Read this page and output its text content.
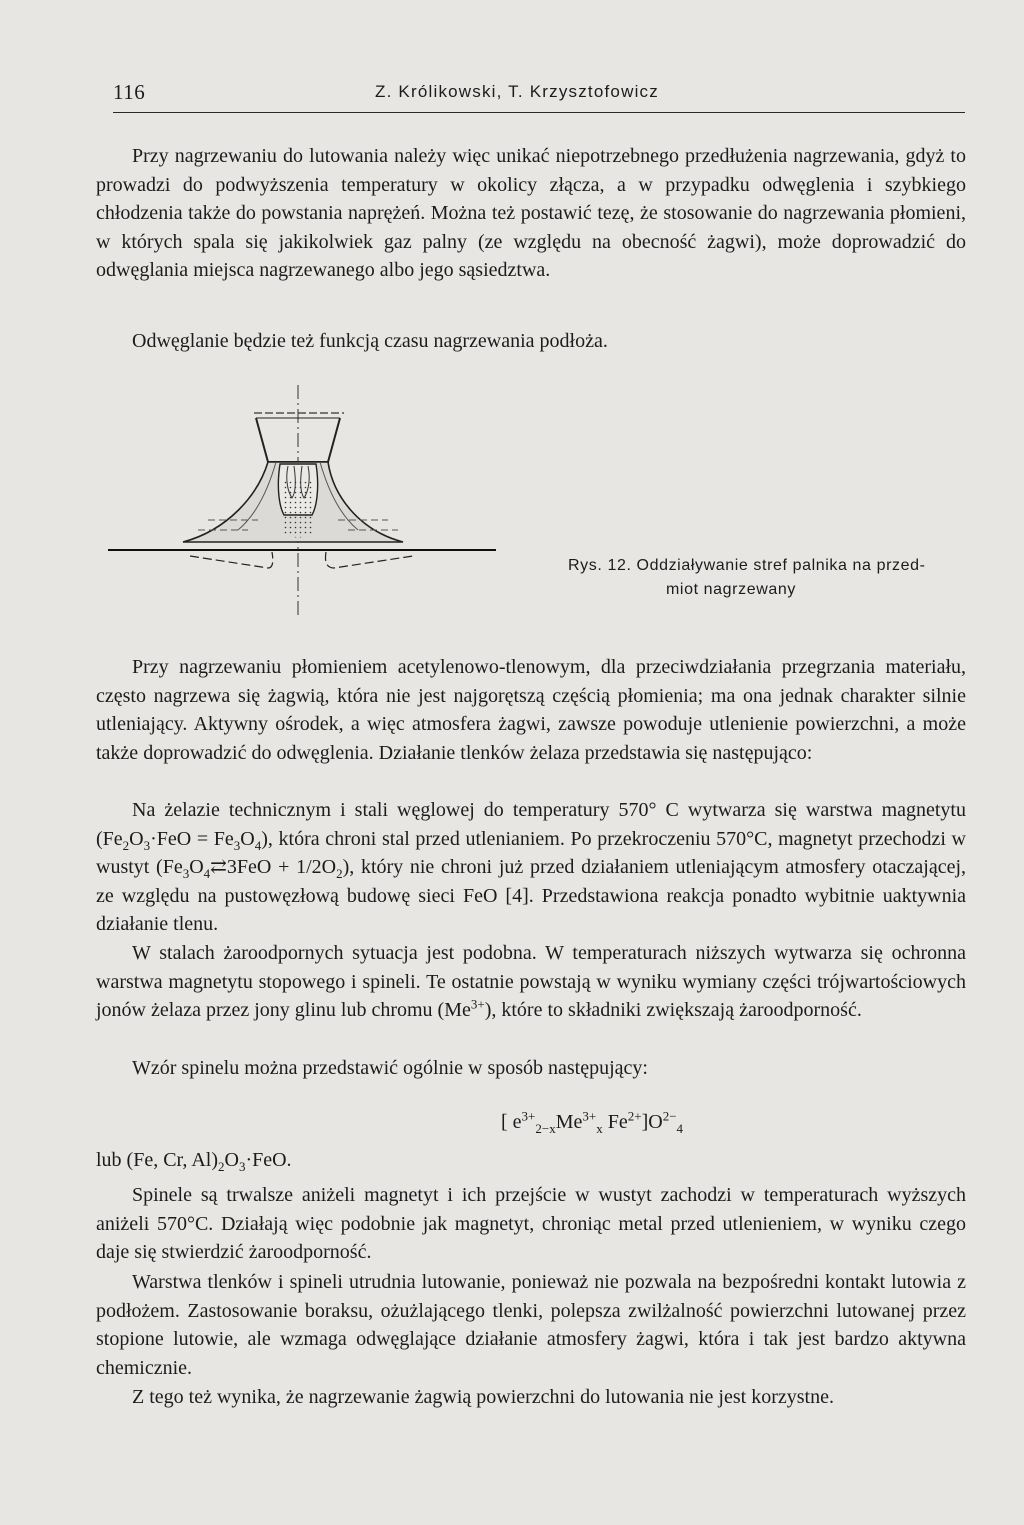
116	Z. Królikowski, T. Krzysztofowicz

Przy nagrzewaniu do lutowania należy więc unikać niepotrzebnego przedłużenia nagrzewania, gdyż to prowadzi do podwyższenia temperatury w okolicy złącza, a w przypadku odwęglenia i szybkiego chłodzenia także do powstania naprężeń. Można też postawić tezę, że stosowanie do nagrzewania płomieni, w których spala się jakikolwiek gaz palny (ze względu na obecność żagwi), może doprowadzić do odwęglania miejsca nagrzewanego albo jego sąsiedztwa.

Odwęglanie będzie też funkcją czasu nagrzewania podłoża.

Rys. 12. Oddziaływanie stref palnika na przed-
miot nagrzewany

Przy nagrzewaniu płomieniem acetylenowo-tlenowym, dla przeciwdziałania przegrzania materiału, często nagrzewa się żagwią, która nie jest najgorętszą częścią płomienia; ma ona jednak charakter silnie utleniający. Aktywny ośrodek, a więc atmosfera żagwi, zawsze powoduje utlenienie powierzchni, a może także doprowadzić do odwęglenia. Działanie tlenków żelaza przedstawia się następująco:

Na żelazie technicznym i stali węglowej do temperatury 570° C wytwarza się warstwa magnetytu $(Fe_2O_3\cdot FeO = Fe_3O_4)$, która chroni stal przed utlenianiem. Po przekroczeniu 570°C, magnetyt przechodzi w wustyt $(Fe_3O_4⇄3FeO + 1/2O_2)$, który nie chroni już przed działaniem utleniającym atmosfery otaczającej, ze względu na pustowęzłową budowę sieci FeO [4]. Przedstawiona reakcja ponadto wybitnie uaktywnia działanie tlenu.

W stalach żaroodpornych sytuacja jest podobna. W temperaturach niższych wytwarza się ochronna warstwa magnetytu stopowego i spineli. Te ostatnie powstają w wyniku wymiany części trójwartościowych jonów żelaza przez jony glinu lub chromu $(Me^{3+})$, które to składniki zwiększają żaroodporność.

Wzór spinelu można przedstawić ogólnie w sposób następujący:

[ $e^{3+}_{2-x}Me^{3+}_x$ $Fe^{2+}]O^{2-}_4$
lub (Fe, Cr, $Al)_2O_3\cdot FeO$.

Spinele są trwalsze aniżeli magnetyt i ich przejście w wustyt zachodzi w temperaturach wyższych aniżeli 570°C. Działają więc podobnie jak magnetyt, chroniąc metal przed utlenieniem, w wyniku czego daje się stwierdzić żaroodporność.

Warstwa tlenków i spineli utrudnia lutowanie, ponieważ nie pozwala na bezpośredni kontakt lutowia z podłożem. Zastosowanie boraksu, ożużlającego tlenki, polepsza zwilżalność powierzchni lutowanej przez stopione lutowie, ale wzmaga odwęglające działanie atmosfery żagwi, która i tak jest bardzo aktywna chemicznie.

Z tego też wynika, że nagrzewanie żagwią powierzchni do lutowania nie jest korzystne.
